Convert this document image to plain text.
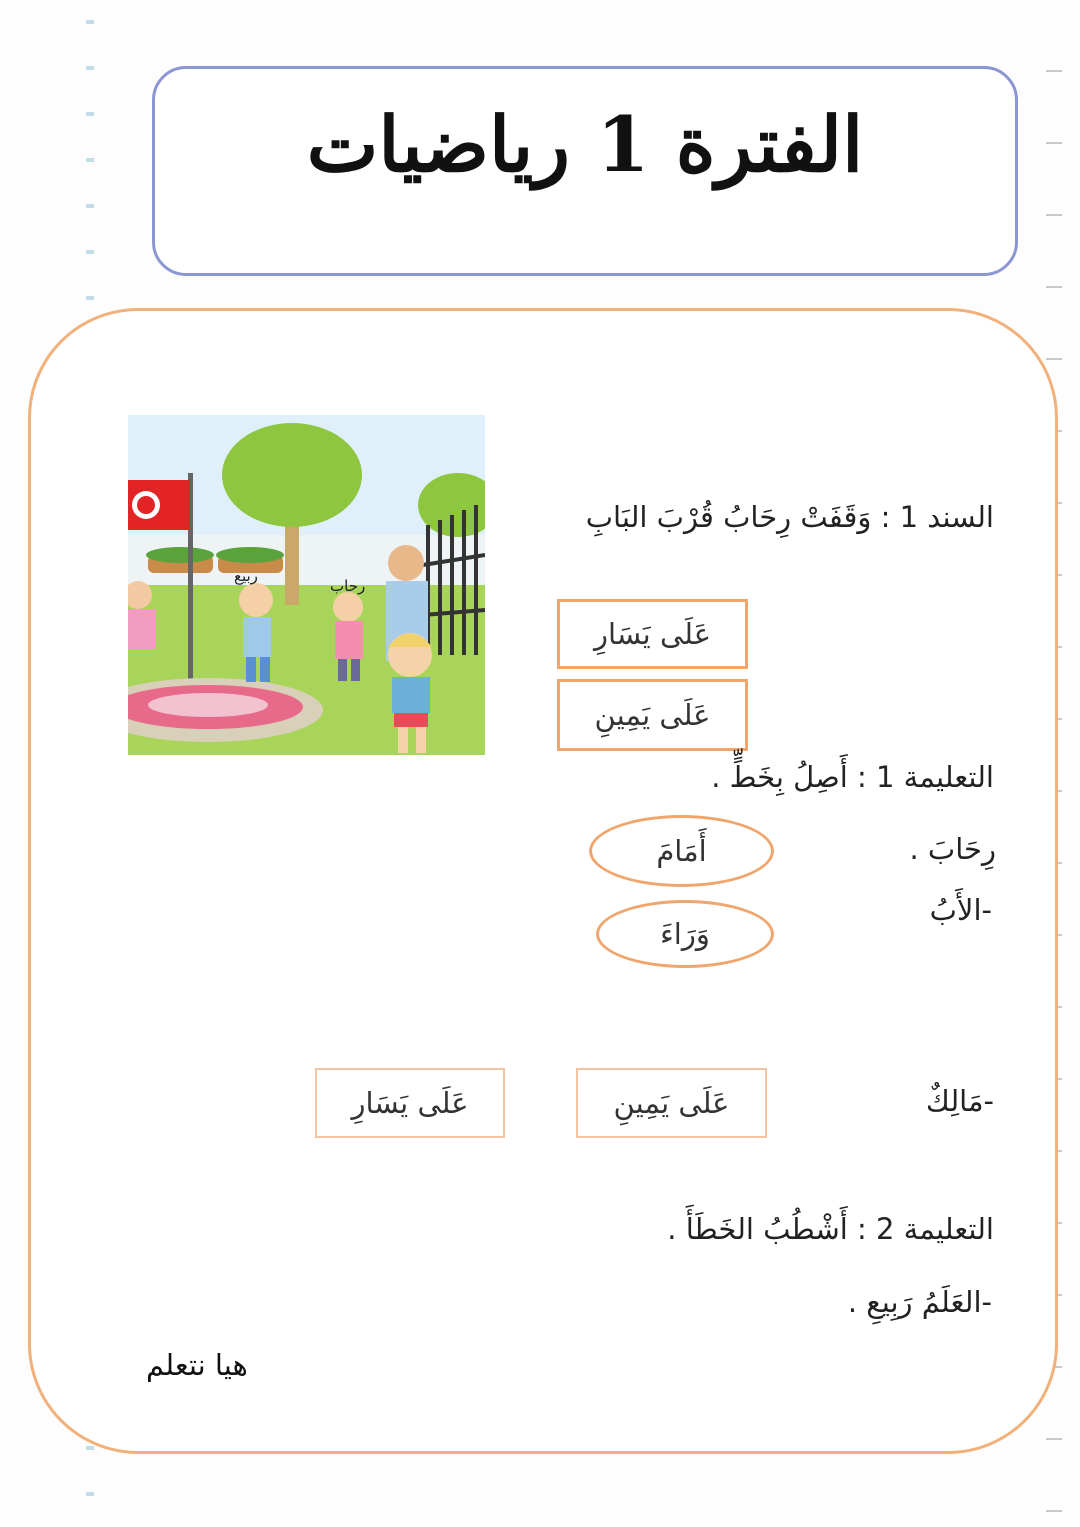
الفترة 1 رياضيات
ربيع
رحاب
السند 1 : وَقَفَتْ رِحَابُ قُرْبَ البَابِ
عَلَى يَسَارِ
عَلَى يَمِينِ
التعليمة 1 : أَصِلُ بِخَطٍّ .
رِحَابَ .
-الأَبُ
أَمَامَ
وَرَاءَ
-مَالِكٌ
عَلَى يَمِينِ
عَلَى يَسَارِ
التعليمة 2 : أَشْطُبُ الخَطَأَ .
-العَلَمُ رَبِيعِ .
هيا نتعلم
